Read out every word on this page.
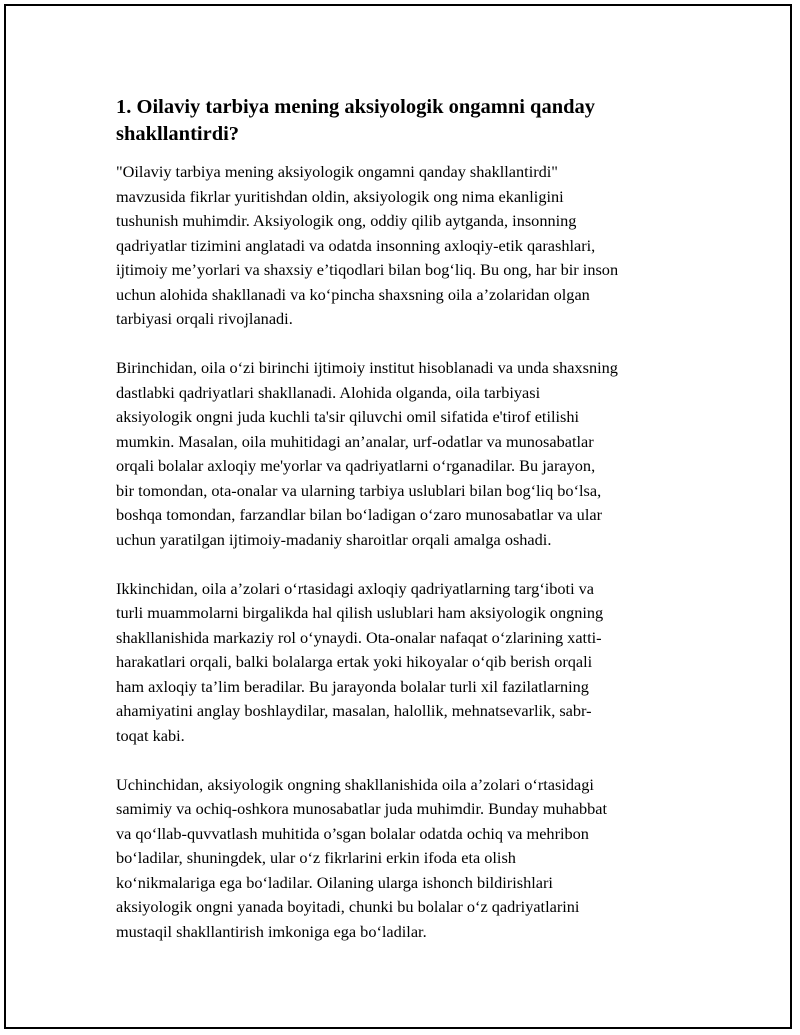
1. Oilaviy tarbiya mening aksiyologik ongamni qanday
shakllantirdi?

"Oilaviy tarbiya mening aksiyologik ongamni qanday shakllantirdi"
mavzusida fikrlar yuritishdan oldin, aksiyologik ong nima ekanligini
tushunish muhimdir. Aksiyologik ong, oddiy qilib aytganda, insonning
qadriyatlar tizimini anglatadi va odatda insonning axloqiy-etik qarashlari,
ijtimoiy me’yorlari va shaxsiy e’tiqodlari bilan bog‘liq. Bu ong, har bir inson
uchun alohida shakllanadi va ko‘pincha shaxsning oila a’zolaridan olgan
tarbiyasi orqali rivojlanadi.

Birinchidan, oila o‘zi birinchi ijtimoiy institut hisoblanadi va unda shaxsning
dastlabki qadriyatlari shakllanadi. Alohida olganda, oila tarbiyasi
aksiyologik ongni juda kuchli ta'sir qiluvchi omil sifatida e'tirof etilishi
mumkin. Masalan, oila muhitidagi an’analar, urf-odatlar va munosabatlar
orqali bolalar axloqiy me'yorlar va qadriyatlarni o‘rganadilar. Bu jarayon,
bir tomondan, ota-onalar va ularning tarbiya uslublari bilan bog‘liq bo‘lsa,
boshqa tomondan, farzandlar bilan bo‘ladigan o‘zaro munosabatlar va ular
uchun yaratilgan ijtimoiy-madaniy sharoitlar orqali amalga oshadi.

Ikkinchidan, oila a’zolari o‘rtasidagi axloqiy qadriyatlarning targ‘iboti va
turli muammolarni birgalikda hal qilish uslublari ham aksiyologik ongning
shakllanishida markaziy rol o‘ynaydi. Ota-onalar nafaqat o‘zlarining xatti-
harakatlari orqali, balki bolalarga ertak yoki hikoyalar o‘qib berish orqali
ham axloqiy ta’lim beradilar. Bu jarayonda bolalar turli xil fazilatlarning
ahamiyatini anglay boshlaydilar, masalan, halollik, mehnatsevarlik, sabr-
toqat kabi.

Uchinchidan, aksiyologik ongning shakllanishida oila a’zolari o‘rtasidagi
samimiy va ochiq-oshkora munosabatlar juda muhimdir. Bunday muhabbat
va qo‘llab-quvvatlash muhitida o’sgan bolalar odatda ochiq va mehribon
bo‘ladilar, shuningdek, ular o‘z fikrlarini erkin ifoda eta olish
ko‘nikmalariga ega bo‘ladilar. Oilaning ularga ishonch bildirishlari
aksiyologik ongni yanada boyitadi, chunki bu bolalar o‘z qadriyatlarini
mustaqil shakllantirish imkoniga ega bo‘ladilar.
